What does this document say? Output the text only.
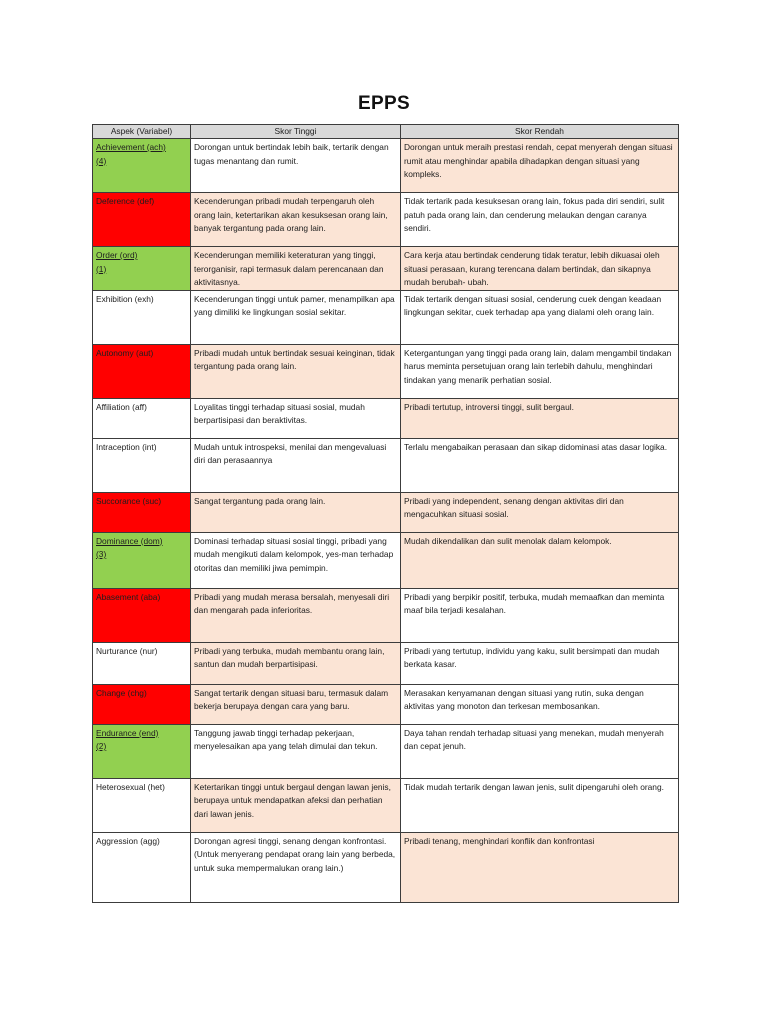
EPPS
Aspek (Variabel)	Skor Tinggi	Skor Rendah
Achievement (ach)
(4)	Dorongan untuk bertindak lebih baik, tertarik dengan tugas menantang dan rumit.	Dorongan untuk meraih prestasi rendah, cepat menyerah dengan situasi rumit atau menghindar apabila dihadapkan dengan situasi yang kompleks.
Deference (def)	Kecenderungan pribadi mudah terpengaruh oleh orang lain, ketertarikan akan kesuksesan orang lain, banyak tergantung pada orang lain.	Tidak tertarik pada kesuksesan orang lain, fokus pada diri sendiri, sulit patuh pada orang lain, dan cenderung melaukan dengan caranya sendiri.
Order (ord)
(1)	Kecenderungan memiliki keteraturan yang tinggi, terorganisir, rapi termasuk dalam perencanaan dan aktivitasnya.	Cara kerja atau bertindak cenderung tidak teratur, lebih dikuasai oleh situasi perasaan, kurang terencana dalam bertindak, dan sikapnya mudah berubah- ubah.
Exhibition (exh)	Kecenderungan tinggi untuk pamer, menampilkan apa yang dimiliki ke lingkungan sosial sekitar.	Tidak tertarik dengan situasi sosial, cenderung cuek dengan keadaan lingkungan sekitar, cuek terhadap apa yang dialami oleh orang lain.
Autonomy (aut)	Pribadi mudah untuk bertindak sesuai keinginan, tidak tergantung pada orang lain.	Ketergantungan yang tinggi pada orang lain, dalam mengambil tindakan harus meminta persetujuan orang lain terlebih dahulu, menghindari tindakan yang menarik perhatian sosial.
Affiliation (aff)	Loyalitas tinggi terhadap situasi sosial, mudah berpartisipasi dan beraktivitas.	Pribadi tertutup, introversi tinggi, sulit bergaul.
Intraception (int)	Mudah untuk introspeksi, menilai dan mengevaluasi diri dan perasaannya	Terlalu mengabaikan perasaan dan sikap didominasi atas dasar logika.
Succorance (suc)	Sangat tergantung pada orang lain.	Pribadi yang independent, senang dengan aktivitas diri dan mengacuhkan situasi sosial.
Dominance (dom)
(3)	Dominasi terhadap situasi sosial tinggi, pribadi yang mudah mengikuti dalam kelompok, yes-man terhadap otoritas dan memiliki jiwa pemimpin.	Mudah dikendalikan dan sulit menolak dalam kelompok.
Abasement (aba)	Pribadi yang mudah merasa bersalah, menyesali diri dan mengarah pada inferioritas.	Pribadi yang berpikir positif, terbuka, mudah memaafkan dan meminta maaf bila terjadi kesalahan.
Nurturance (nur)	Pribadi yang terbuka, mudah membantu orang lain, santun dan mudah berpartisipasi.	Pribadi yang tertutup, individu yang kaku, sulit bersimpati dan mudah berkata kasar.
Change (chg)	Sangat tertarik dengan situasi baru, termasuk dalam bekerja berupaya dengan cara yang baru.	Merasakan kenyamanan dengan situasi yang rutin, suka dengan aktivitas yang monoton dan terkesan membosankan.
Endurance (end)
(2)	Tanggung jawab tinggi terhadap pekerjaan, menyelesaikan apa yang telah dimulai dan tekun.	Daya tahan rendah terhadap situasi yang menekan, mudah menyerah dan cepat jenuh.
Heterosexual (het)	Ketertarikan tinggi untuk bergaul dengan lawan jenis, berupaya untuk mendapatkan afeksi dan perhatian dari lawan jenis.	Tidak mudah tertarik dengan lawan jenis, sulit dipengaruhi oleh orang.
Aggression (agg)	Dorongan agresi tinggi, senang dengan konfrontasi. (Untuk menyerang pendapat orang lain yang berbeda, untuk suka mempermalukan orang lain.)	Pribadi tenang, menghindari konflik dan konfrontasi
